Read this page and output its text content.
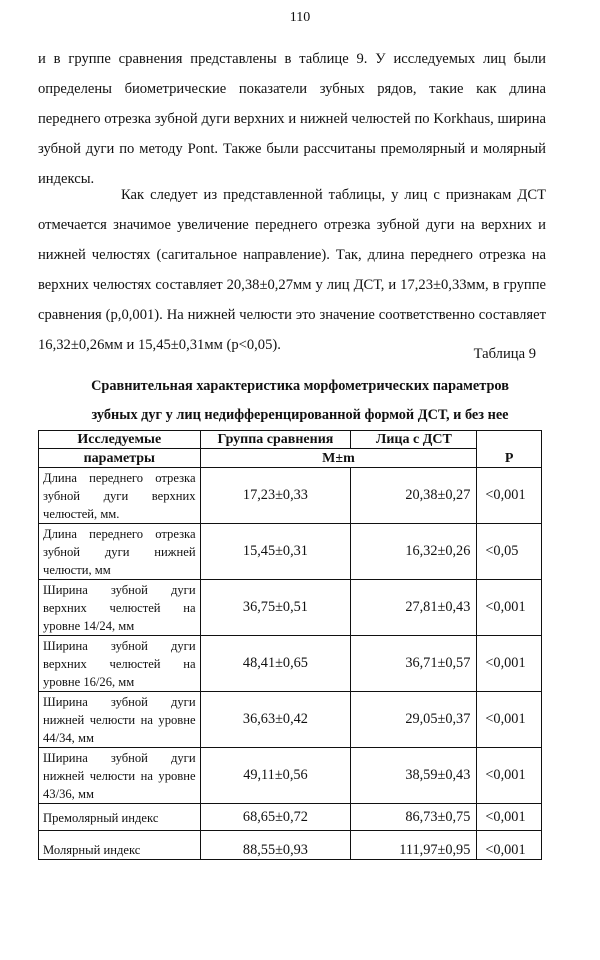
110

и в группе сравнения представлены в таблице 9. У исследуемых лиц были определены биометрические показатели зубных рядов, такие как длина переднего отрезка зубной дуги верхних и нижней челюстей по Korkhaus, ширина зубной дуги по методу Pont. Также были рассчитаны премолярный и молярный индексы.

Как следует из представленной таблицы, у лиц с признакам ДСТ отмечается значимое увеличение переднего отрезка зубной дуги на верхних и нижней челюстях (сагитальное направление). Так, длина переднего отрезка на верхних челюстях составляет 20,38±0,27мм у лиц ДСТ, и 17,23±0,33мм, в группе сравнения (р,0,001). На нижней челюсти это значение соответственно составляет 16,32±0,26мм и 15,45±0,31мм (р<0,05).

Таблица 9
Сравнительная характеристика морфометрических параметров
зубных дуг у лиц недифференцированной формой ДСТ, и без нее
Исследуемые	Группа сравнения	Лица с ДСТ	P
параметры	M±m		
Длина переднего отрезка зубной дуги верхних челюстей, мм.	17,23±0,33	20,38±0,27	<0,001
Длина переднего отрезка зубной дуги нижней челюсти, мм	15,45±0,31	16,32±0,26	<0,05
Ширина зубной дуги верхних челюстей на уровне 14/24, мм	36,75±0,51	27,81±0,43	<0,001
Ширина зубной дуги верхних челюстей на уровне 16/26, мм	48,41±0,65	36,71±0,57	<0,001
Ширина зубной дуги нижней челюсти на уровне 44/34, мм	36,63±0,42	29,05±0,37	<0,001
Ширина зубной дуги нижней челюсти на уровне 43/36, мм	49,11±0,56	38,59±0,43	<0,001
Премолярный индекс	68,65±0,72	86,73±0,75	<0,001
Молярный индекс	88,55±0,93	111,97±0,95	<0,001
